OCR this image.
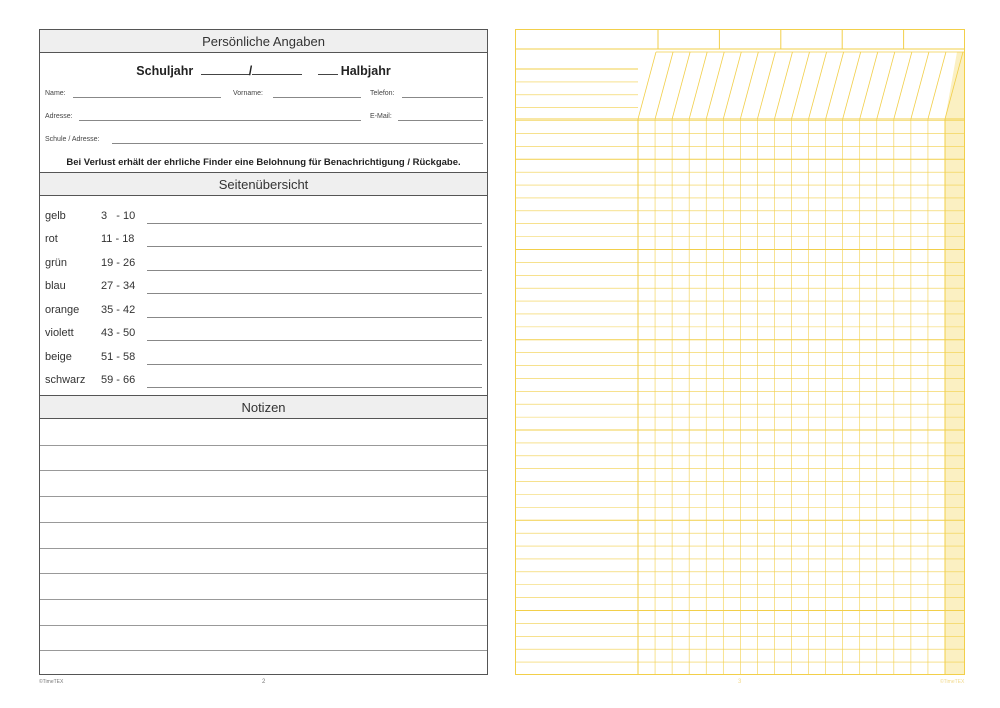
Persönliche Angaben
Schuljahr	/	Halbjahr
Name:	Vorname:	Telefon:
Adresse:	E-Mail:
Schule / Adresse:
Bei Verlust erhält der ehrliche Finder eine Belohnung für Benachrichtigung / Rückgabe.
Seitenübersicht
gelb	3   - 10
rot	11 - 18
grün	19 - 26
blau	27 - 34
orange 35 - 42
violett 43 - 50
beige	51 - 58
schwarz 59 - 66
Notizen
©TimeTEX	2	3	©TimeTEX
